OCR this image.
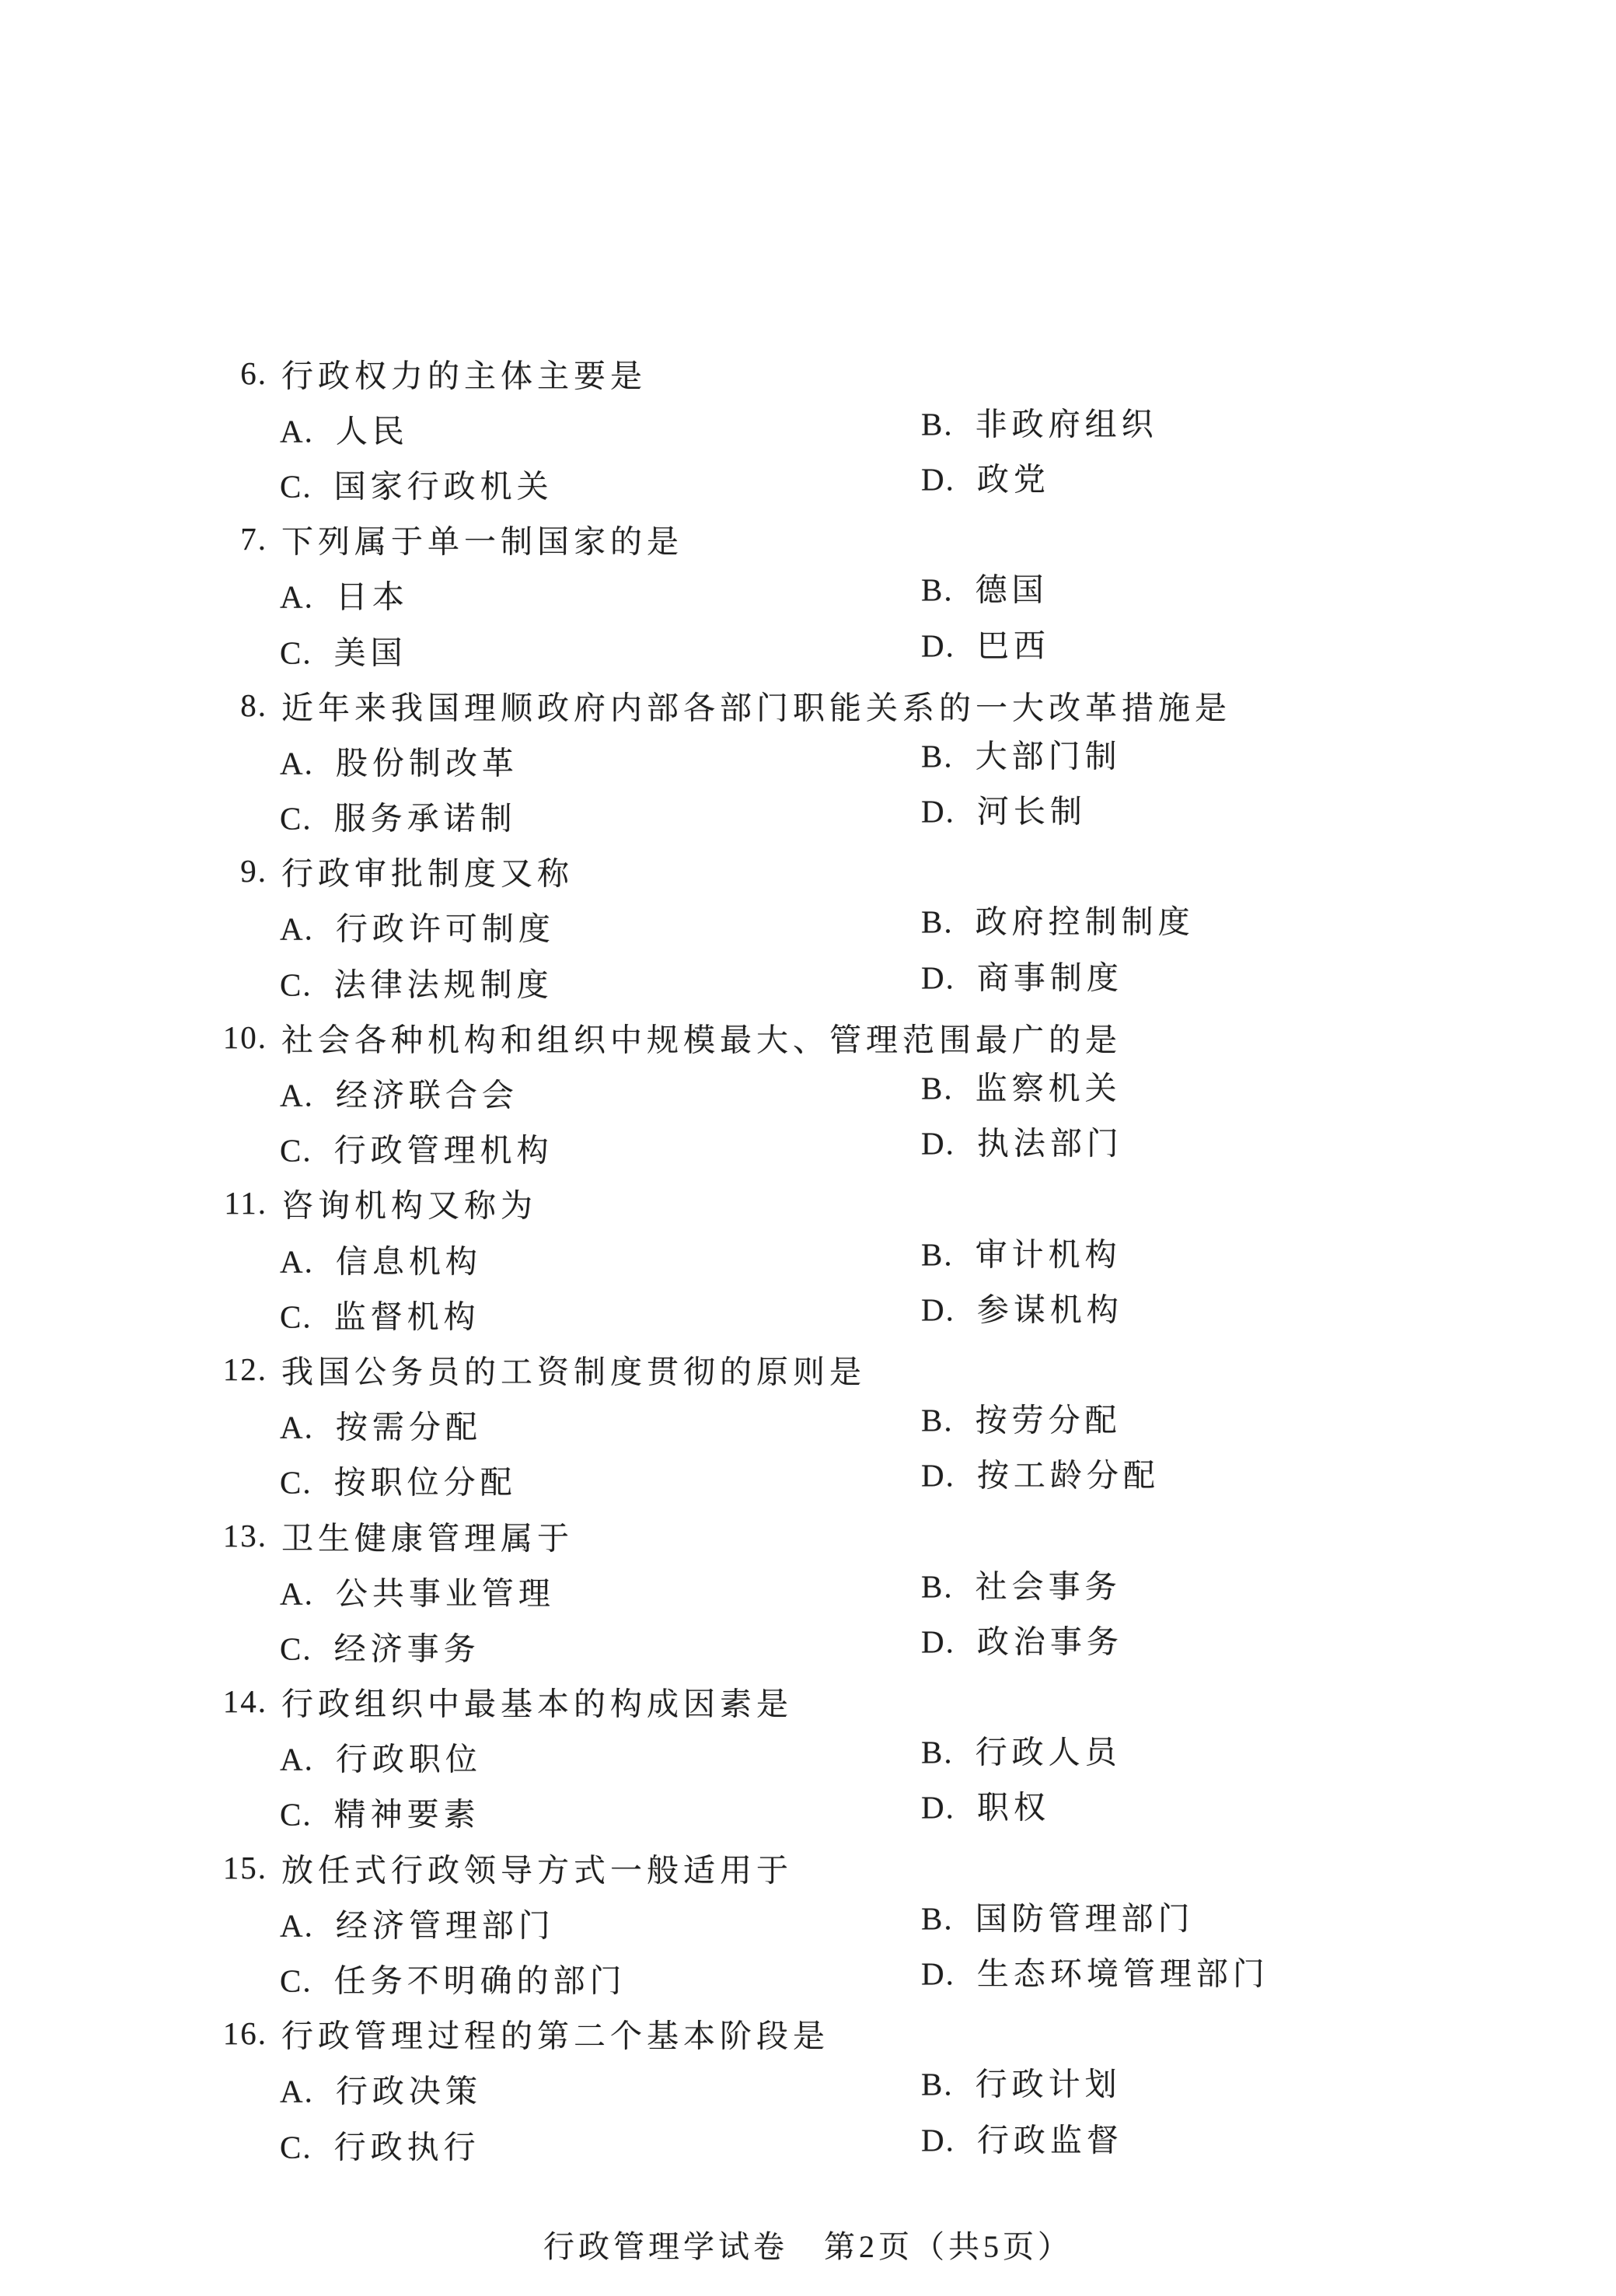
6. 行政权力的主体主要是
A. 人民	B. 非政府组织
C. 国家行政机关	D. 政党
7. 下列属于单一制国家的是
A. 日本	B. 德国
C. 美国	D. 巴西
8. 近年来我国理顺政府内部各部门职能关系的一大改革措施是
A. 股份制改革	B. 大部门制
C. 服务承诺制	D. 河长制
9. 行政审批制度又称
A. 行政许可制度	B. 政府控制制度
C. 法律法规制度	D. 商事制度
10. 社会各种机构和组织中规模最大、管理范围最广的是
A. 经济联合会	B. 监察机关
C. 行政管理机构	D. 执法部门
11. 咨询机构又称为
A. 信息机构	B. 审计机构
C. 监督机构	D. 参谋机构
12. 我国公务员的工资制度贯彻的原则是
A. 按需分配	B. 按劳分配
C. 按职位分配	D. 按工龄分配
13. 卫生健康管理属于
A. 公共事业管理	B. 社会事务
C. 经济事务	D. 政治事务
14. 行政组织中最基本的构成因素是
A. 行政职位	B. 行政人员
C. 精神要素	D. 职权
15. 放任式行政领导方式一般适用于
A. 经济管理部门	B. 国防管理部门
C. 任务不明确的部门	D. 生态环境管理部门
16. 行政管理过程的第二个基本阶段是
A. 行政决策	B. 行政计划
C. 行政执行	D. 行政监督
行政管理学试卷 第2页（共5页）
